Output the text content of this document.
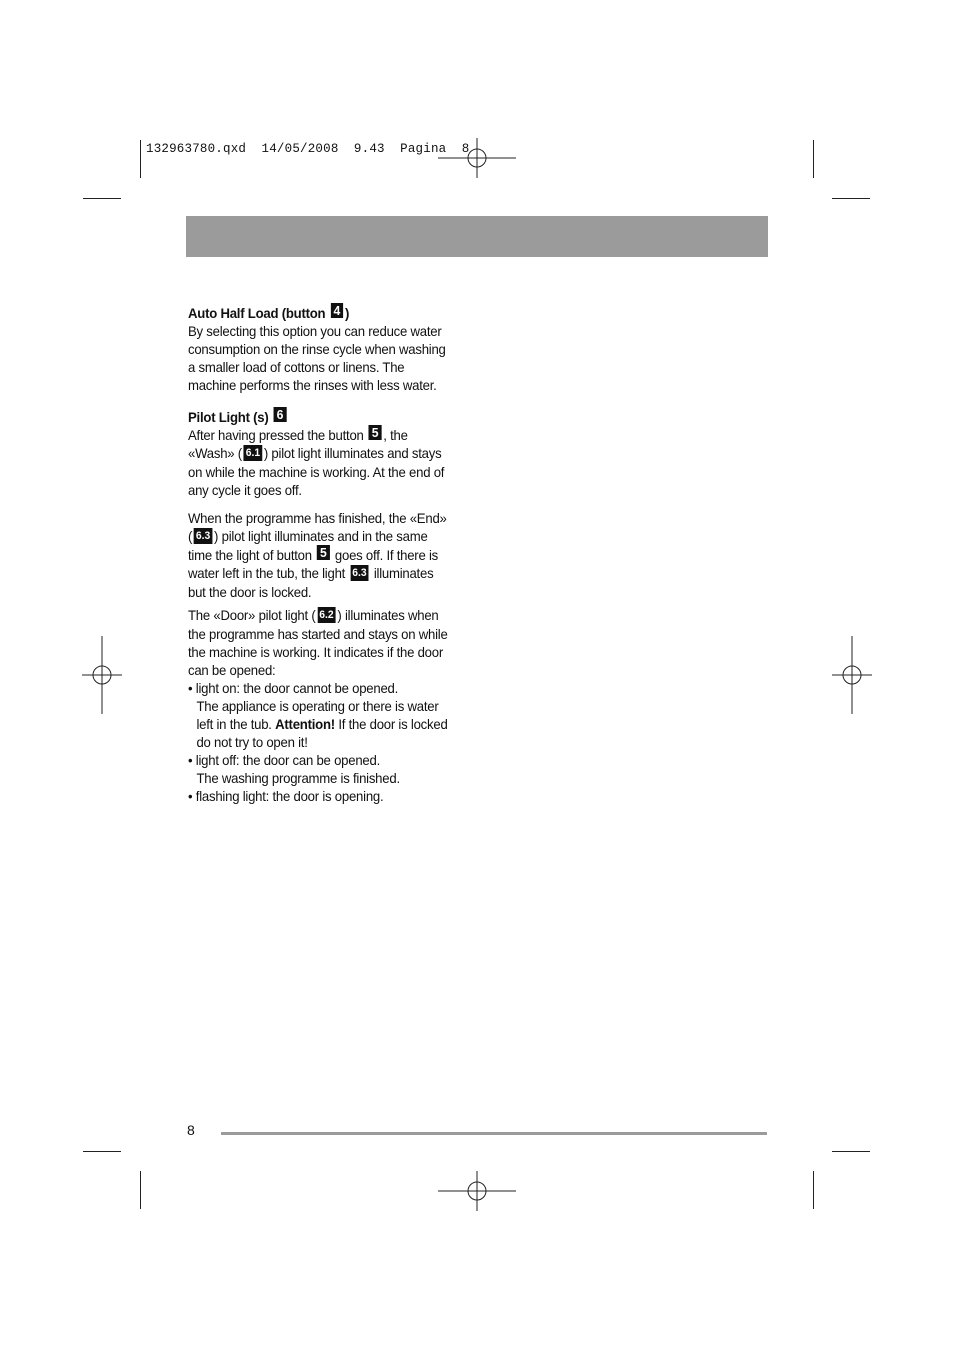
132963780.qxd  14/05/2008  9.43  Pagina  8

Auto Half Load (button 4 )

By selecting this option you can reduce water consumption on the rinse cycle when washing a smaller load of cottons or linens. The machine performs the rinses with less water.

Pilot Light (s) 6

After having pressed the button 5 , the «Wash» ( 6.1 ) pilot light illuminates and stays on while the machine is working. At the end of any cycle it goes off.

When the programme has finished, the «End» ( 6.3 ) pilot light illuminates and in the same time the light of button 5 goes off. If there is water left in the tub, the light 6.3 illuminates but the door is locked.

The «Door» pilot light ( 6.2 ) illuminates when the programme has started and stays on while the machine is working. It indicates if the door can be opened:

• light on: the door cannot be opened.

The appliance is operating or there is water left in the tub. Attention! If the door is locked do not try to open it!

• light off: the door can be opened.

The washing programme is finished.

• flashing light: the door is opening.

8
